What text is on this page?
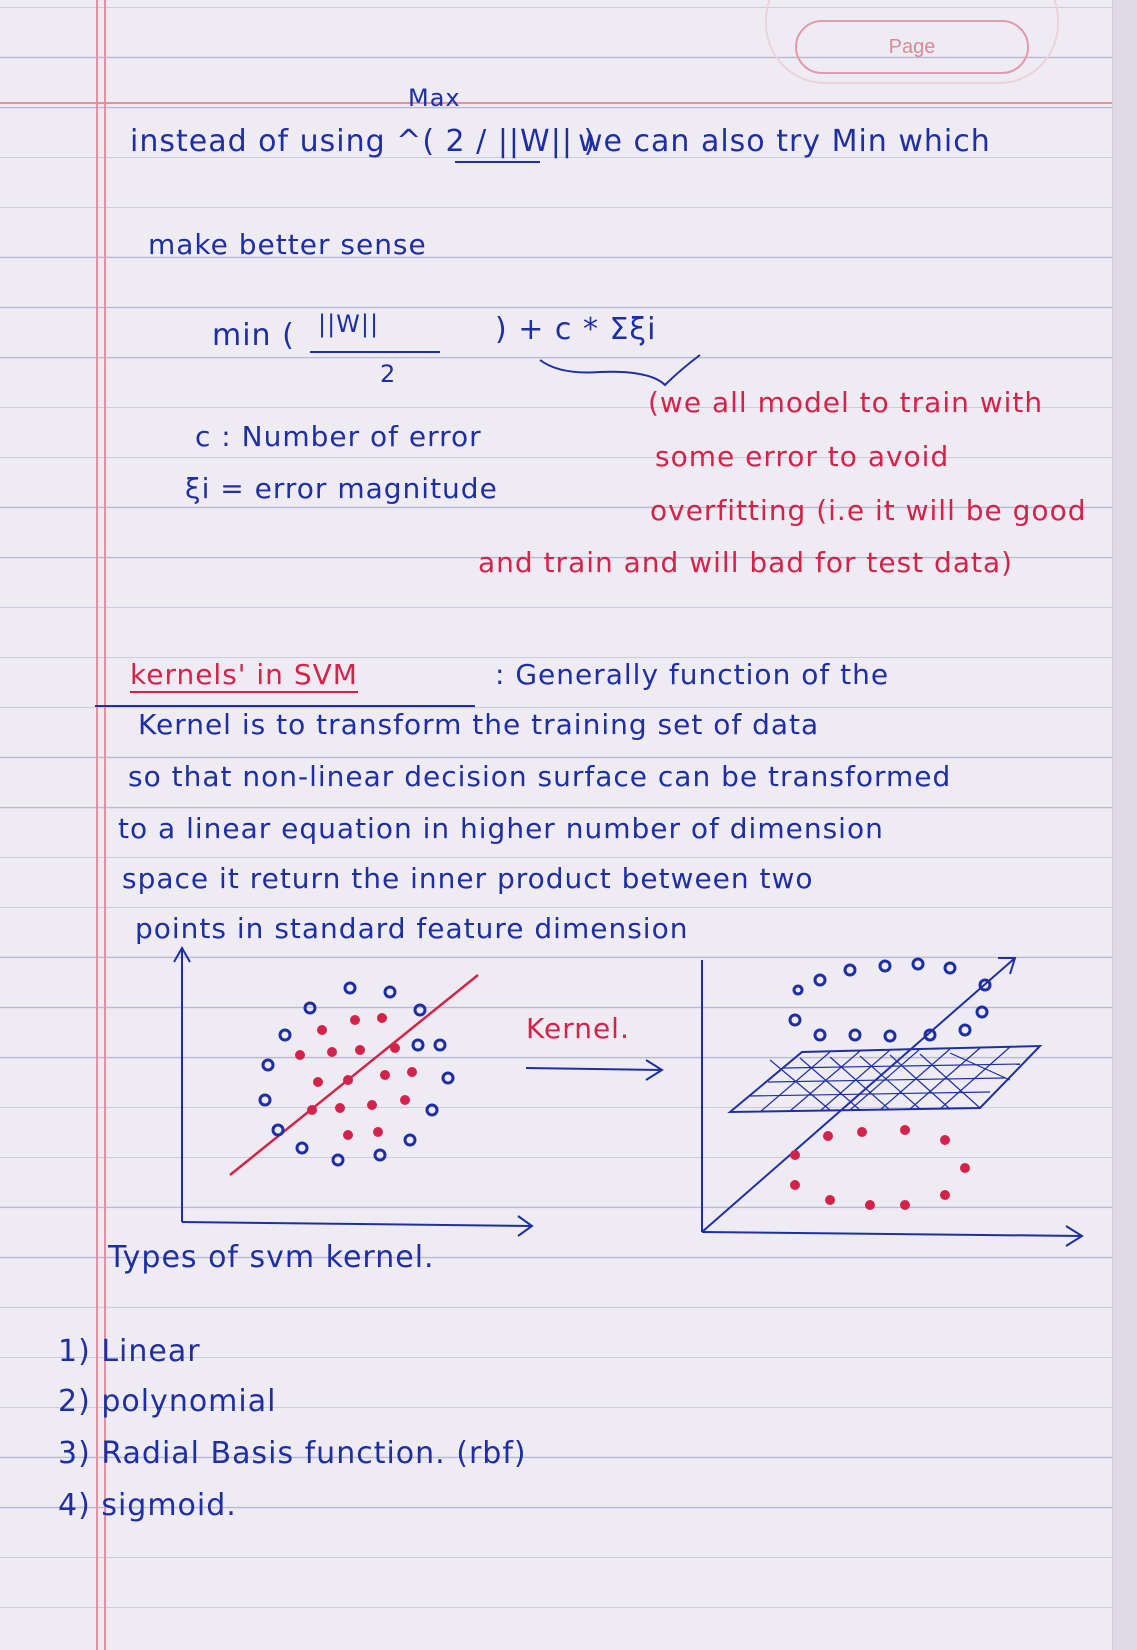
Page
Max
instead of using ^( 2 / ||W|| )
we can also try Min which
make better sense
min ( ||W||
2
) + c * Σξi
c : Number of error
ξi = error magnitude
(we all model to train with
some error to avoid
overfitting (i.e it will be good
and train and will bad for test data)
kernels' in SVM	: Generally function of the
Kernel is to transform the training set of data
so that non-linear decision surface can be transformed
to a linear equation in higher number of dimension
space it return the inner product between two
points in standard feature dimension
Kernel.
Types of svm kernel.
1) Linear
2) polynomial
3) Radial Basis function. (rbf)
4) sigmoid.
